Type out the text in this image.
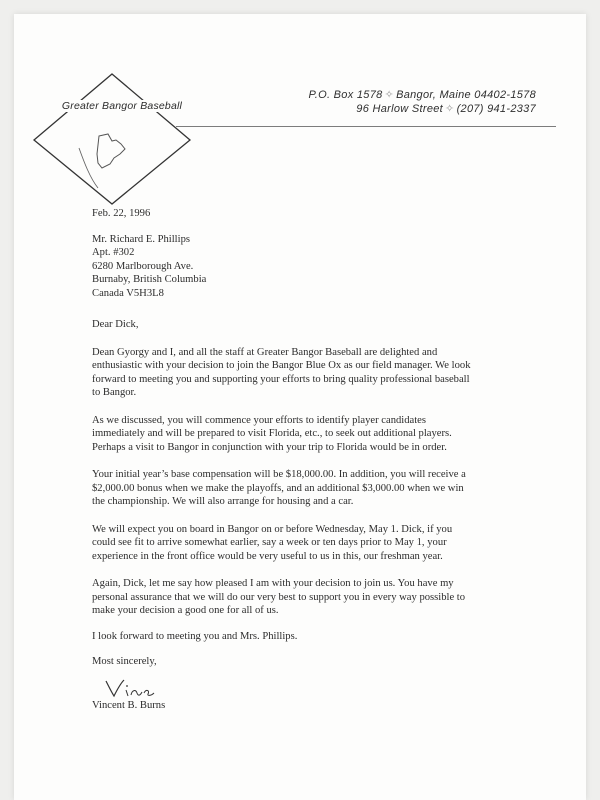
Greater Bangor Baseball
P.O. Box 1578 ✧ Bangor, Maine 04402-1578
96 Harlow Street ✧ (207) 941-2337
Feb. 22, 1996
Mr. Richard E. Phillips
Apt. #302
6280 Marlborough Ave.
Burnaby, British Columbia
Canada V5H3L8
Dear Dick,
Dean Gyorgy and I, and all the staff at Greater Bangor Baseball are delighted and
enthusiastic with your decision to join the Bangor Blue Ox as our field manager. We look
forward to meeting you and supporting your efforts to bring quality professional baseball
to Bangor.
As we discussed, you will commence your efforts to identify player candidates
immediately and will be prepared to visit Florida, etc., to seek out additional players.
Perhaps a visit to Bangor in conjunction with your trip to Florida would be in order.
Your initial year’s base compensation will be $18,000.00. In addition, you will receive a
$2,000.00 bonus when we make the playoffs, and an additional $3,000.00 when we win
the championship. We will also arrange for housing and a car.
We will expect you on board in Bangor on or before Wednesday, May 1. Dick, if you
could see fit to arrive somewhat earlier, say a week or ten days prior to May 1, your
experience in the front office would be very useful to us in this, our freshman year.
Again, Dick, let me say how pleased I am with your decision to join us. You have my
personal assurance that we will do our very best to support you in every way possible to
make your decision a good one for all of us.
I look forward to meeting you and Mrs. Phillips.
Most sincerely,
Vincent B. Burns
